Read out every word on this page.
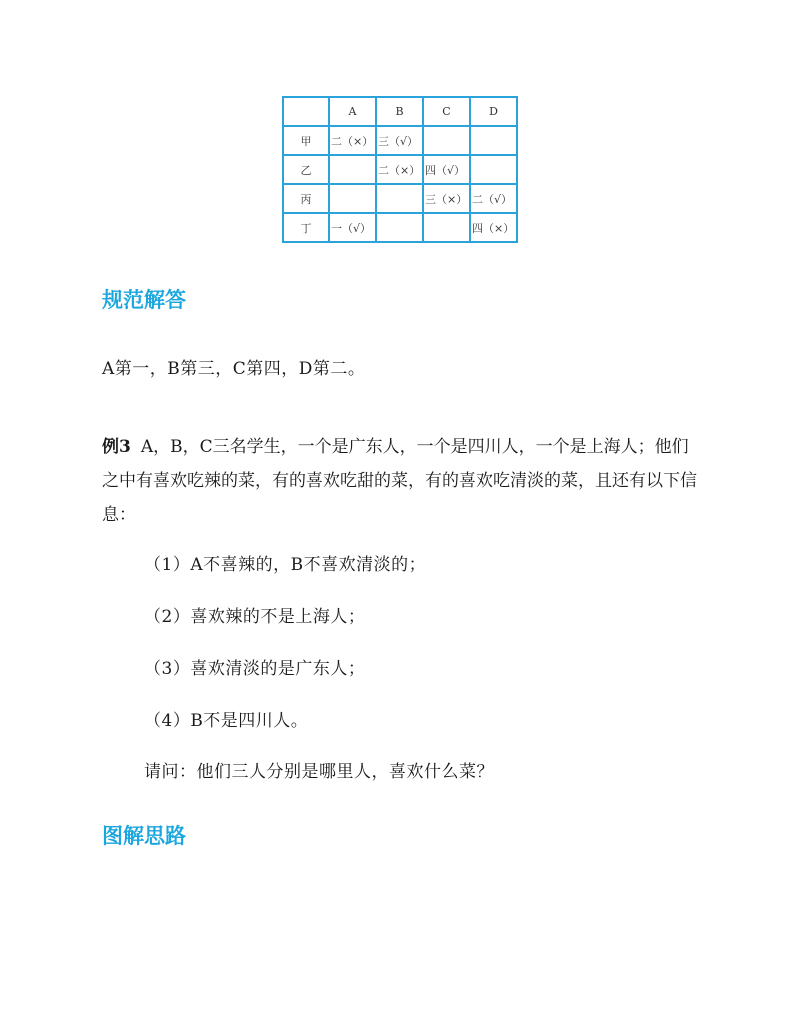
	A	B	C	D
甲	二（×）	三（√）		
乙		二（×）	四（√）	
丙			三（×）	二（√）
丁	一（√）			四（×）
规范解答
A第一，B第三，C第四，D第二。
例3 A，B，C三名学生，一个是广东人，一个是四川人，一个是上海人；他们之中有喜欢吃辣的菜，有的喜欢吃甜的菜，有的喜欢吃清淡的菜，且还有以下信息：
（1）A不喜辣的，B不喜欢清淡的；
（2）喜欢辣的不是上海人；
（3）喜欢清淡的是广东人；
（4）B不是四川人。
请问：他们三人分别是哪里人，喜欢什么菜？
图解思路
